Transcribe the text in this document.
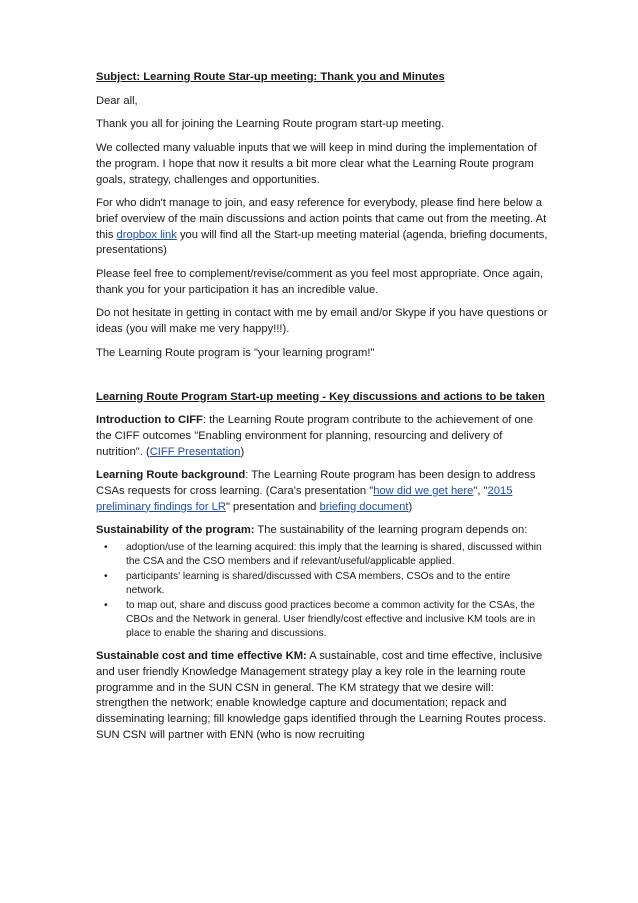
Subject: Learning Route Star-up meeting: Thank you and Minutes

Dear all,

Thank you all for joining the Learning Route program start-up meeting.

We collected many valuable inputs that we will keep in mind during the implementation of the program. I hope that now it results a bit more clear what the Learning Route program goals, strategy, challenges and opportunities.

For who didn't manage to join, and easy reference for everybody, please find here below a brief overview of the main discussions and action points that came out from the meeting. At this dropbox link you will find all the Start-up meeting material (agenda, briefing documents, presentations)

Please feel free to complement/revise/comment as you feel most appropriate. Once again, thank you for your participation it has an incredible value.

Do not hesitate in getting in contact with me by email and/or Skype if you have questions or ideas (you will make me very happy!!!).

The Learning Route program is "your learning program!"

Learning Route Program Start-up meeting - Key discussions and actions to be taken

Introduction to CIFF: the Learning Route program contribute to the achievement of one the CIFF outcomes "Enabling environment for planning, resourcing and delivery of nutrition". (CIFF Presentation)

Learning Route background: The Learning Route program has been design to address CSAs requests for cross learning. (Cara's presentation "how did we get here", "2015 preliminary findings for LR" presentation and briefing document)

Sustainability of the program: The sustainability of the learning program depends on:

• adoption/use of the learning acquired: this imply that the learning is shared, discussed within the CSA and the CSO members and if relevant/useful/applicable applied.
• participants' learning is shared/discussed with CSA members, CSOs and to the entire network.
• to map out, share and discuss good practices become a common activity for the CSAs, the CBOs and the Network in general. User friendly/cost effective and inclusive KM tools are in place to enable the sharing and discussions.

Sustainable cost and time effective KM: A sustainable, cost and time effective, inclusive and user friendly Knowledge Management strategy play a key role in the learning route programme and in the SUN CSN in general. The KM strategy that we desire will: strengthen the network; enable knowledge capture and documentation; repack and disseminating learning; fill knowledge gaps identified through the Learning Routes process. SUN CSN will partner with ENN (who is now recruiting
